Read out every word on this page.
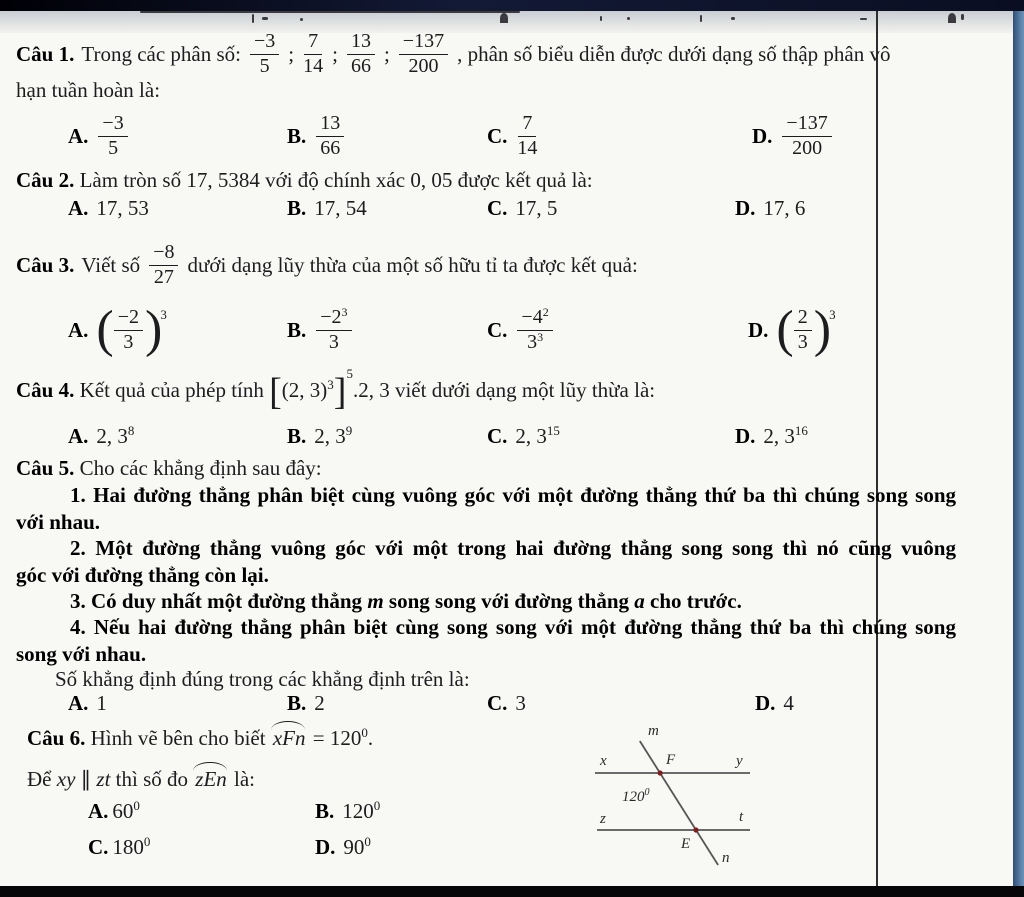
Câu 1. Trong các phân số: $\frac{-3}{5}$ ; $\frac{7}{14}$ ; $\frac{13}{66}$ ; $\frac{-137}{200}$ , phân số biểu diễn được dưới dạng số thập phân vô
hạn tuần hoàn là:
A. $\frac{-3}{5}$	B. $\frac{13}{66}$	C. $\frac{7}{14}$	D. $\frac{-137}{200}$
Câu 2. Làm tròn số 17, 5384 với độ chính xác 0, 05 được kết quả là:
A. 17, 53	B. 17, 54	C. 17, 5	D. 17, 6
Câu 3. Viết số $\frac{-8}{27}$ dưới dạng lũy thừa của một số hữu tỉ ta được kết quả:
A. ( $\frac{-2}{3}$ ) 3
B. $\frac{-2^3}{3}$	C. $\frac{-4^2}{3^3}$	D. ( $\frac{2}{3}$ ) 3
Câu 4. Kết quả của phép tính [(2, 3)$^3$]$^5$.2, 3 viết dưới dạng một lũy thừa là:
A. 2, $3^8$	B. 2, $3^9$	C. 2, $3^{15}$	D. 2, $3^{16}$
Câu 5. Cho các khẳng định sau đây:
1. Hai đường thẳng phân biệt cùng vuông góc với một đường thẳng thứ ba thì chúng song song
với nhau.
2. Một đường thẳng vuông góc với một trong hai đường thẳng song song thì nó cũng vuông
góc với đường thẳng còn lại.
3. Có duy nhất một đường thẳng m song song với đường thẳng a cho trước.
4. Nếu hai đường thẳng phân biệt cùng song song với một đường thẳng thứ ba thì chúng song
song với nhau.
Số khẳng định đúng trong các khẳng định trên là:
A. 1	B. 2	C. 3	D. 4
Câu 6. Hình vẽ bên cho biết xFn = $120^0$.
Để xy ∥ zt thì số đo zEn là:
A. $60^0$	B. $120^0$
C. $180^0$	D. $90^0$
m
x	F	y
$120^0$
z	t
E
n
